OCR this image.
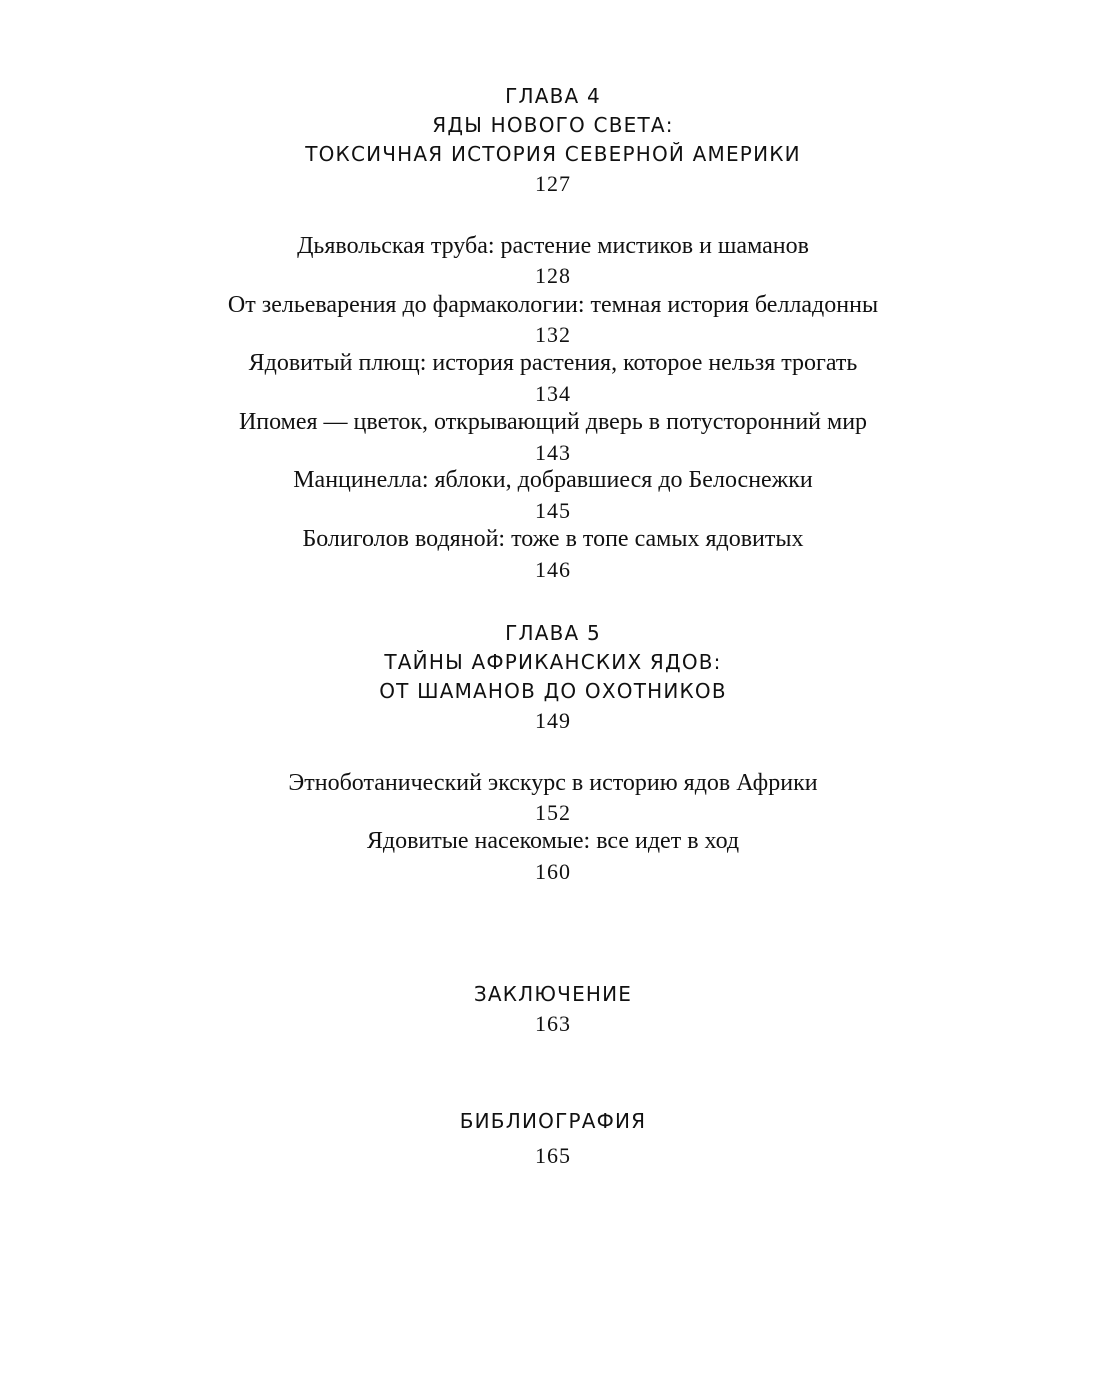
ГЛАВА 4
ЯДЫ НОВОГО СВЕТА:
ТОКСИЧНАЯ ИСТОРИЯ СЕВЕРНОЙ АМЕРИКИ
127
Дьявольская труба: растение мистиков и шаманов
128
От зельеварения до фармакологии: темная история белладонны
132
Ядовитый плющ: история растения, которое нельзя трогать
134
Ипомея — цветок, открывающий дверь в потусторонний мир
143
Манцинелла: яблоки, добравшиеся до Белоснежки
145
Болиголов водяной: тоже в топе самых ядовитых
146
ГЛАВА 5
ТАЙНЫ АФРИКАНСКИХ ЯДОВ:
ОТ ШАМАНОВ ДО ОХОТНИКОВ
149
Этноботанический экскурс в историю ядов Африки
152
Ядовитые насекомые: все идет в ход
160
ЗАКЛЮЧЕНИЕ
163
БИБЛИОГРАФИЯ
165
